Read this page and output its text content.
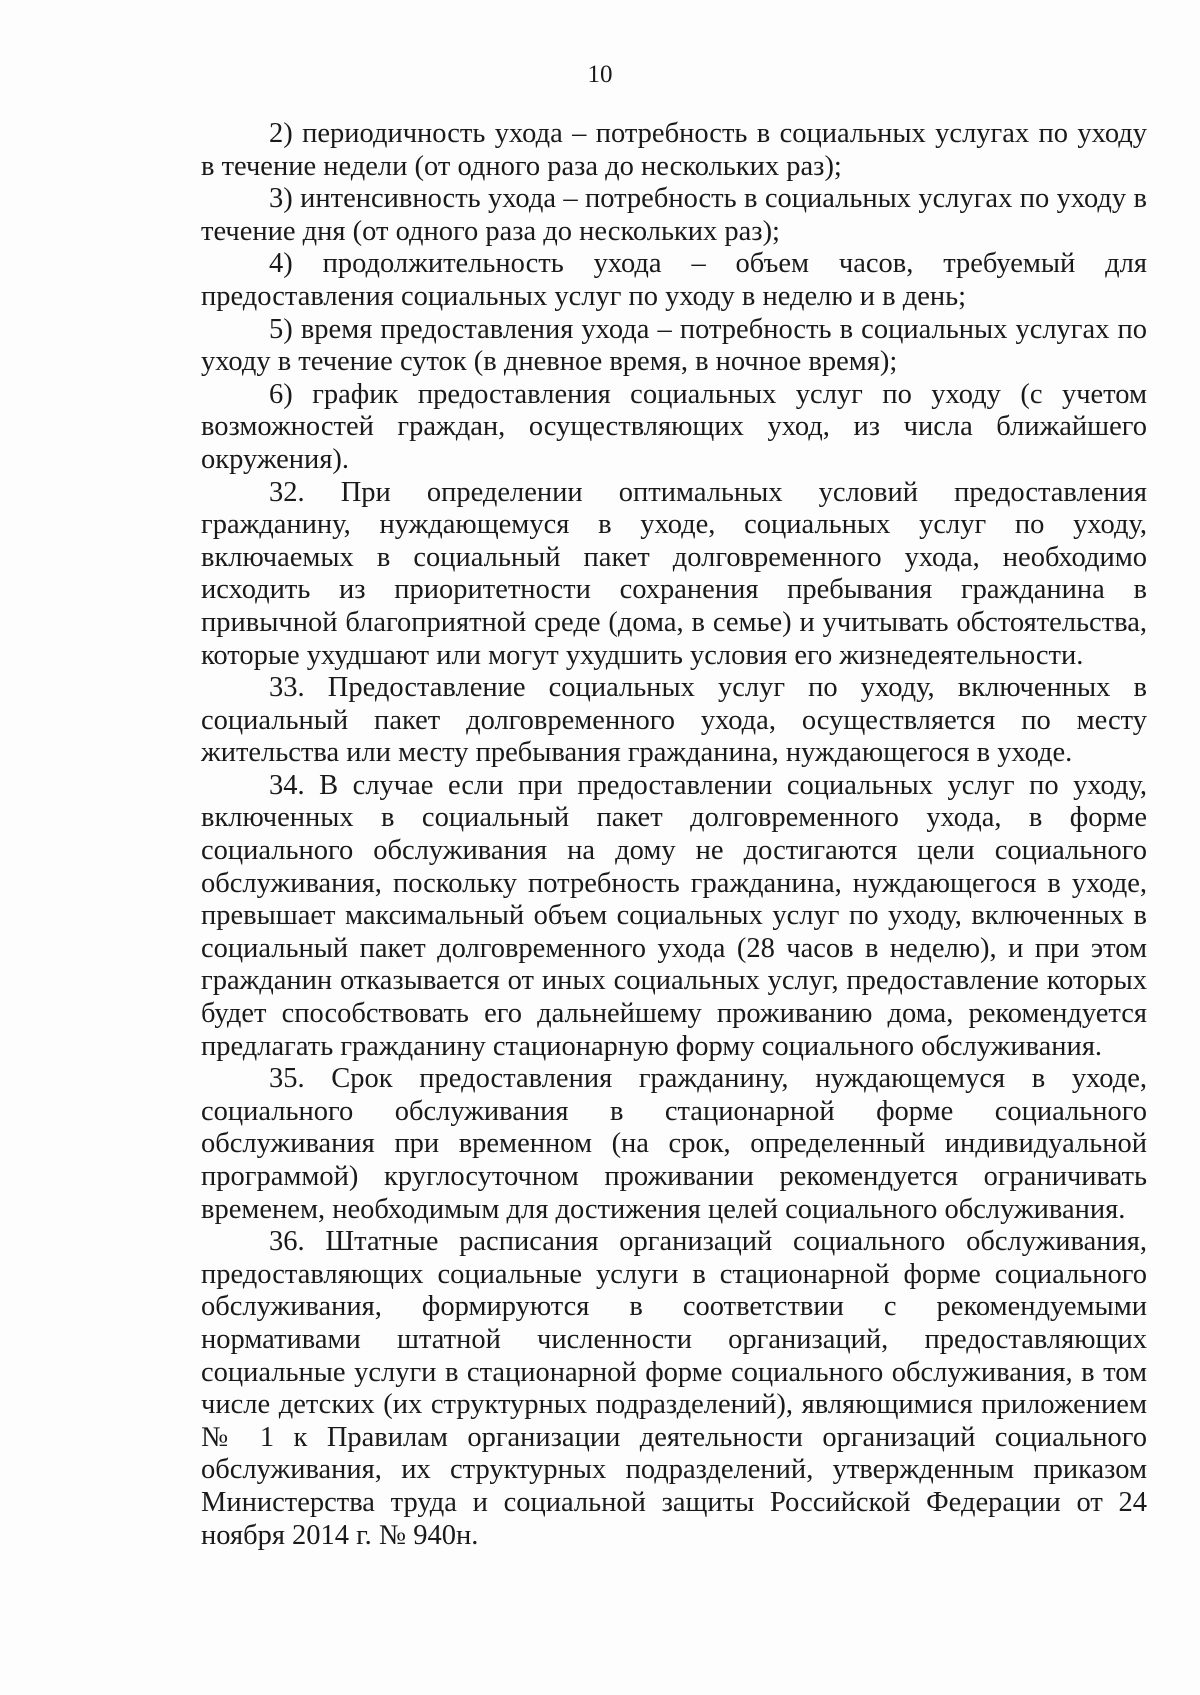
10

2) периодичность ухода – потребность в социальных услугах по уходу в течение недели (от одного раза до нескольких раз);

3) интенсивность ухода – потребность в социальных услугах по уходу в течение дня (от одного раза до нескольких раз);

4) продолжительность ухода – объем часов, требуемый для предоставления социальных услуг по уходу в неделю и в день;

5) время предоставления ухода – потребность в социальных услугах по уходу в течение суток (в дневное время, в ночное время);

6) график предоставления социальных услуг по уходу (с учетом возможностей граждан, осуществляющих уход, из числа ближайшего окружения).

32. При определении оптимальных условий предоставления гражданину, нуждающемуся в уходе, социальных услуг по уходу, включаемых в социальный пакет долговременного ухода, необходимо исходить из приоритетности сохранения пребывания гражданина в привычной благоприятной среде (дома, в семье) и учитывать обстоятельства, которые ухудшают или могут ухудшить условия его жизнедеятельности.

33. Предоставление социальных услуг по уходу, включенных в социальный пакет долговременного ухода, осуществляется по месту жительства или месту пребывания гражданина, нуждающегося в уходе.

34. В случае если при предоставлении социальных услуг по уходу, включенных в социальный пакет долговременного ухода, в форме социального обслуживания на дому не достигаются цели социального обслуживания, поскольку потребность гражданина, нуждающегося в уходе, превышает максимальный объем социальных услуг по уходу, включенных в социальный пакет долговременного ухода (28 часов в неделю), и при этом гражданин отказывается от иных социальных услуг, предоставление которых будет способствовать его дальнейшему проживанию дома, рекомендуется предлагать гражданину стационарную форму социального обслуживания.

35. Срок предоставления гражданину, нуждающемуся в уходе, социального обслуживания в стационарной форме социального обслуживания при временном (на срок, определенный индивидуальной программой) круглосуточном проживании рекомендуется ограничивать временем, необходимым для достижения целей социального обслуживания.

36. Штатные расписания организаций социального обслуживания, предоставляющих социальные услуги в стационарной форме социального обслуживания, формируются в соответствии с рекомендуемыми нормативами штатной численности организаций, предоставляющих социальные услуги в стационарной форме социального обслуживания, в том числе детских (их структурных подразделений), являющимися приложением № 1 к Правилам организации деятельности организаций социального обслуживания, их структурных подразделений, утвержденным приказом Министерства труда и социальной защиты Российской Федерации от 24 ноября 2014 г. № 940н.
